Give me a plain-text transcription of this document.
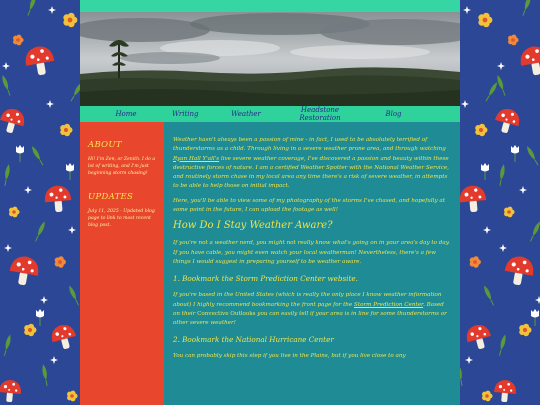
Home	Writing	Weather	Headstone Restoration	Blog
ABOUT

Hi! I'm Zen, or Zenith. I do a lot of writing, and I'm just beginning storm chasing!

UPDATES

July 11, 2025 - Updated blog page to link to most recent blog post.

Weather hasn't always been a passion of mine - in fact, I used to be absolutely terrified of thunderstorms as a child. Through living in a severe weather prone area, and through watching Ryan Hall Y'all's live severe weather coverage, I've discovered a passion and beauty within these destructive forces of nature. I am a certified Weather Spotter with the National Weather Service, and routinely storm chase in my local area any time there's a risk of severe weather, in attempts to be able to help those on initial impact.

Here, you'll be able to view some of my photography of the storms I've chased, and hopefully at some point in the future, I can upload the footage as well!

How Do I Stay Weather Aware?

If you're not a weather nerd, you might not really know what's going on in your area's day to day. If you have cable, you might even watch your local weatherman! Nevertheless, there's a few things I would suggest in preparing yourself to be weather aware.

1. Bookmark the Storm Prediction Center website.

If you're based in the United States (which is really the only place I know weather information about) I highly recommend bookmarking the front page for the Storm Prediction Center. Based on their Convective Outlooks you can easily tell if your area is in line for some thunderstorms or other severe weather!

2. Bookmark the National Hurricane Center

You can probably skip this step if you live in the Plains, but if you live close to any
